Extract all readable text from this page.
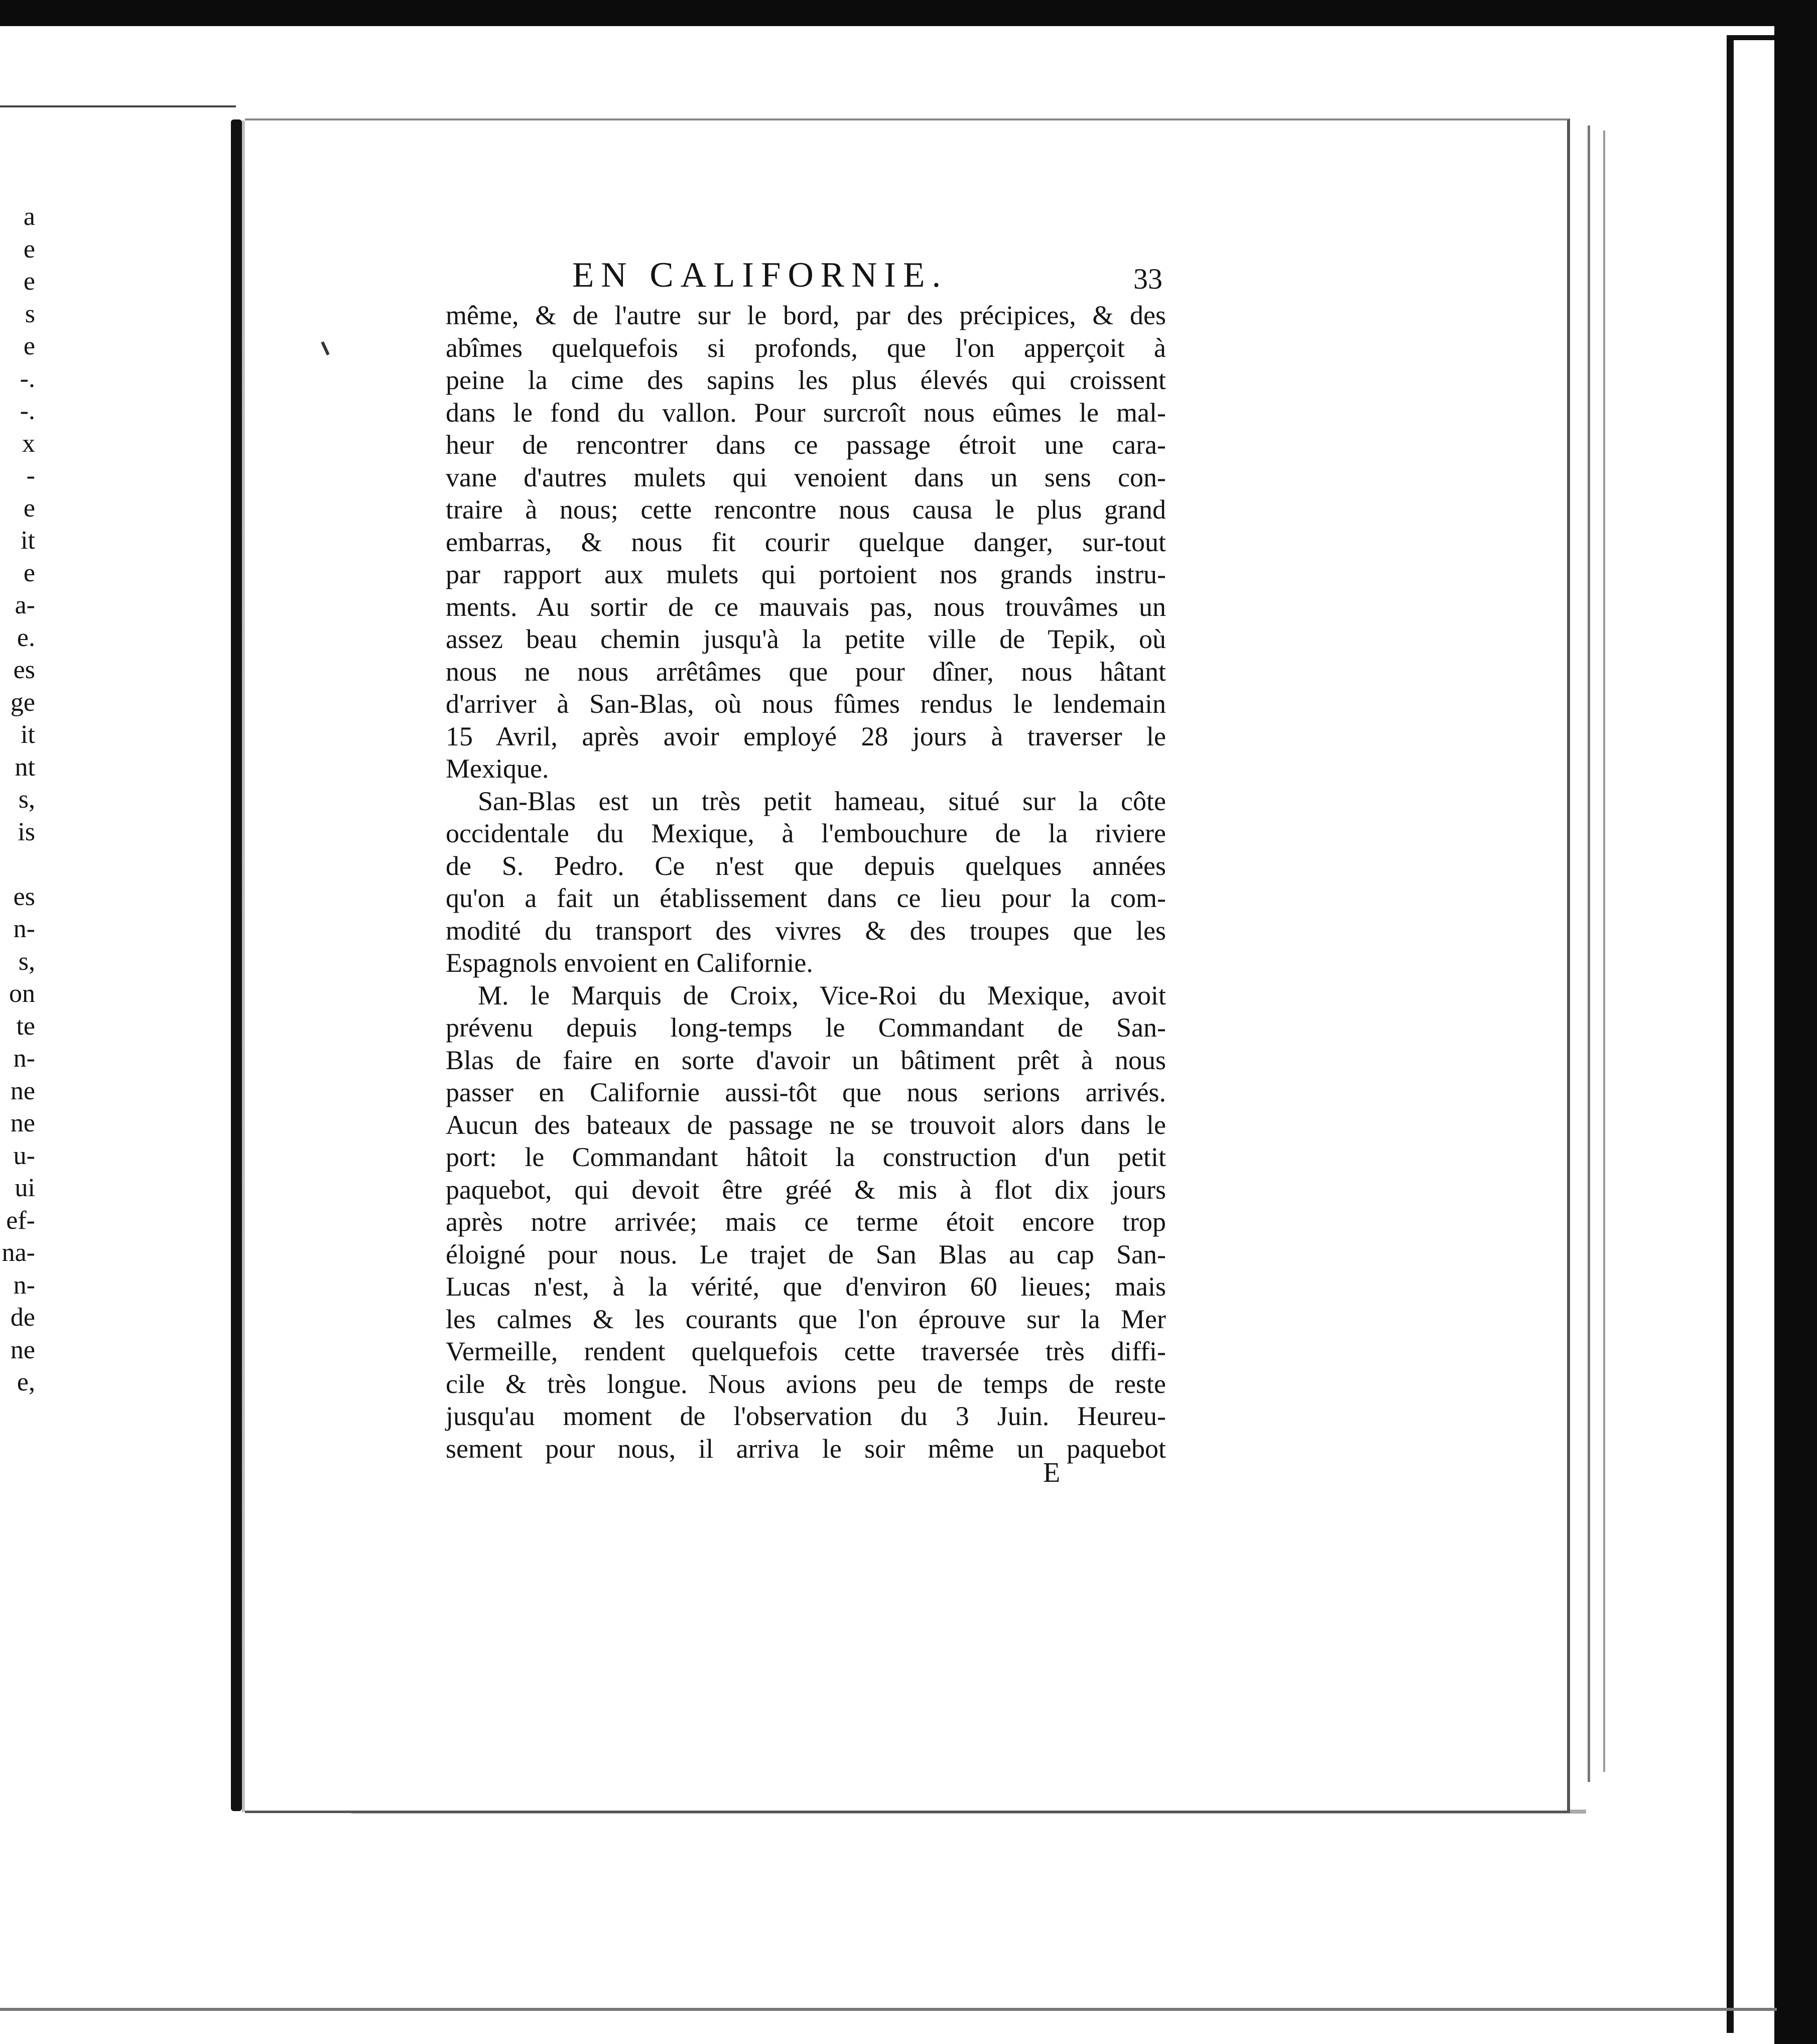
a
e
e
s
e
-.
-.
x
-
e
it
e
a-
e.
es
ge
it
nt
s,
is
es
n-
s,
on
te
n-
ne
ne
u-
ui
ef-
na-
n-
de
ne
e,
EN CALIFORNIE.	33
même, & de l'autre sur le bord, par des précipices, & des
abîmes quelquefois si profonds, que l'on apperçoit à
peine la cime des sapins les plus élevés qui croissent
dans le fond du vallon. Pour surcroît nous eûmes le mal-
heur de rencontrer dans ce passage étroit une cara-
vane d'autres mulets qui venoient dans un sens con-
traire à nous; cette rencontre nous causa le plus grand
embarras, & nous fit courir quelque danger, sur-tout
par rapport aux mulets qui portoient nos grands instru-
ments. Au sortir de ce mauvais pas, nous trouvâmes un
assez beau chemin jusqu'à la petite ville de Tepik, où
nous ne nous arrêtâmes que pour dîner, nous hâtant
d'arriver à San-Blas, où nous fûmes rendus le lendemain
15 Avril, après avoir employé 28 jours à traverser le
Mexique.
San-Blas est un très petit hameau, situé sur la côte
occidentale du Mexique, à l'embouchure de la riviere
de S. Pedro. Ce n'est que depuis quelques années
qu'on a fait un établissement dans ce lieu pour la com-
modité du transport des vivres & des troupes que les
Espagnols envoient en Californie.
M. le Marquis de Croix, Vice-Roi du Mexique, avoit
prévenu depuis long-temps le Commandant de San-
Blas de faire en sorte d'avoir un bâtiment prêt à nous
passer en Californie aussi-tôt que nous serions arrivés.
Aucun des bateaux de passage ne se trouvoit alors dans le
port: le Commandant hâtoit la construction d'un petit
paquebot, qui devoit être gréé & mis à flot dix jours
après notre arrivée; mais ce terme étoit encore trop
éloigné pour nous. Le trajet de San Blas au cap San-
Lucas n'est, à la vérité, que d'environ 60 lieues; mais
les calmes & les courants que l'on éprouve sur la Mer
Vermeille, rendent quelquefois cette traversée très diffi-
cile & très longue. Nous avions peu de temps de reste
jusqu'au moment de l'observation du 3 Juin. Heureu-
sement pour nous, il arriva le soir même un paquebot
E
